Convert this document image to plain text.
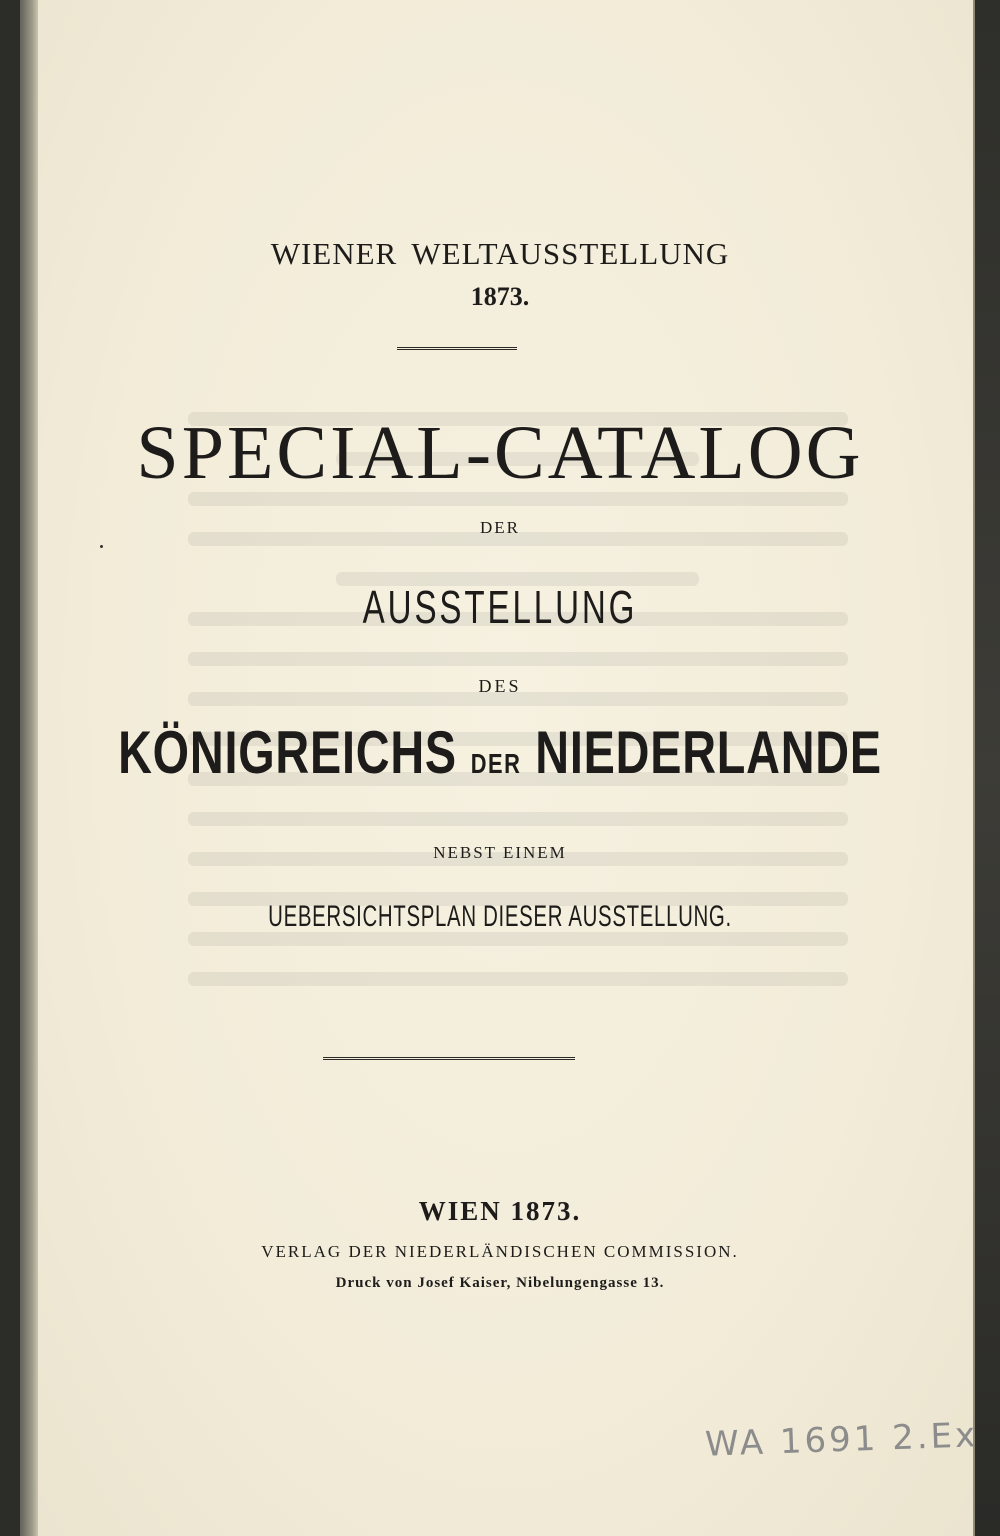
WIENER WELTAUSSTELLUNG
1873.
SPECIAL-CATALOG
DER
AUSSTELLUNG
DES
KÖNIGREICHS DER NIEDERLANDE
NEBST EINEM
UEBERSICHTSPLAN DIESER AUSSTELLUNG.
WIEN 1873.
VERLAG DER NIEDERLÄNDISCHEN COMMISSION.
Druck von Josef Kaiser, Nibelungengasse 13.
WA 1691 2.Ex
